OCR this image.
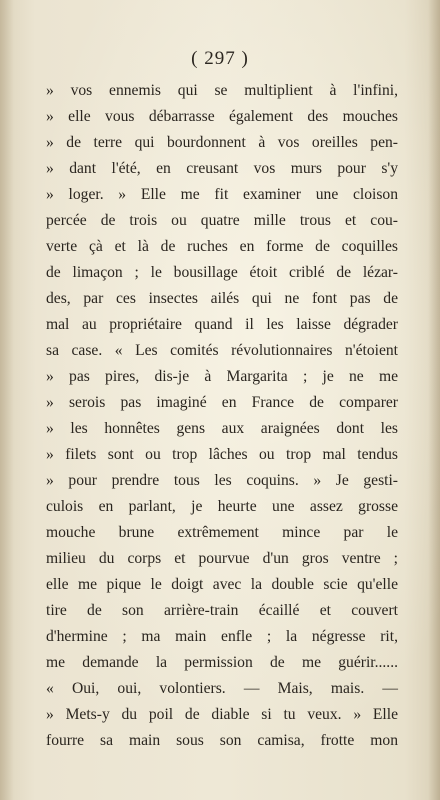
( 297 )
» vos ennemis qui se multiplient à l'infini,
» elle vous débarrasse également des mouches
» de terre qui bourdonnent à vos oreilles pen-
» dant l'été, en creusant vos murs pour s'y
» loger. » Elle me fit examiner une cloison
percée de trois ou quatre mille trous et cou-
verte çà et là de ruches en forme de coquilles
de limaçon ; le bousillage étoit criblé de lézar-
des, par ces insectes ailés qui ne font pas de
mal au propriétaire quand il les laisse dégrader
sa case. « Les comités révolutionnaires n'étoient
» pas pires, dis-je à Margarita ; je ne me
» serois pas imaginé en France de comparer
» les honnêtes gens aux araignées dont les
» filets sont ou trop lâches ou trop mal tendus
» pour prendre tous les coquins. » Je gesti-
culois en parlant, je heurte une assez grosse
mouche brune extrêmement mince par le
milieu du corps et pourvue d'un gros ventre ;
elle me pique le doigt avec la double scie qu'elle
tire de son arrière-train écaillé et couvert
d'hermine ; ma main enfle ; la négresse rit,
me demande la permission de me guérir......
« Oui, oui, volontiers. — Mais, mais. —
» Mets-y du poil de diable si tu veux. » Elle
fourre sa main sous son camisa, frotte mon
